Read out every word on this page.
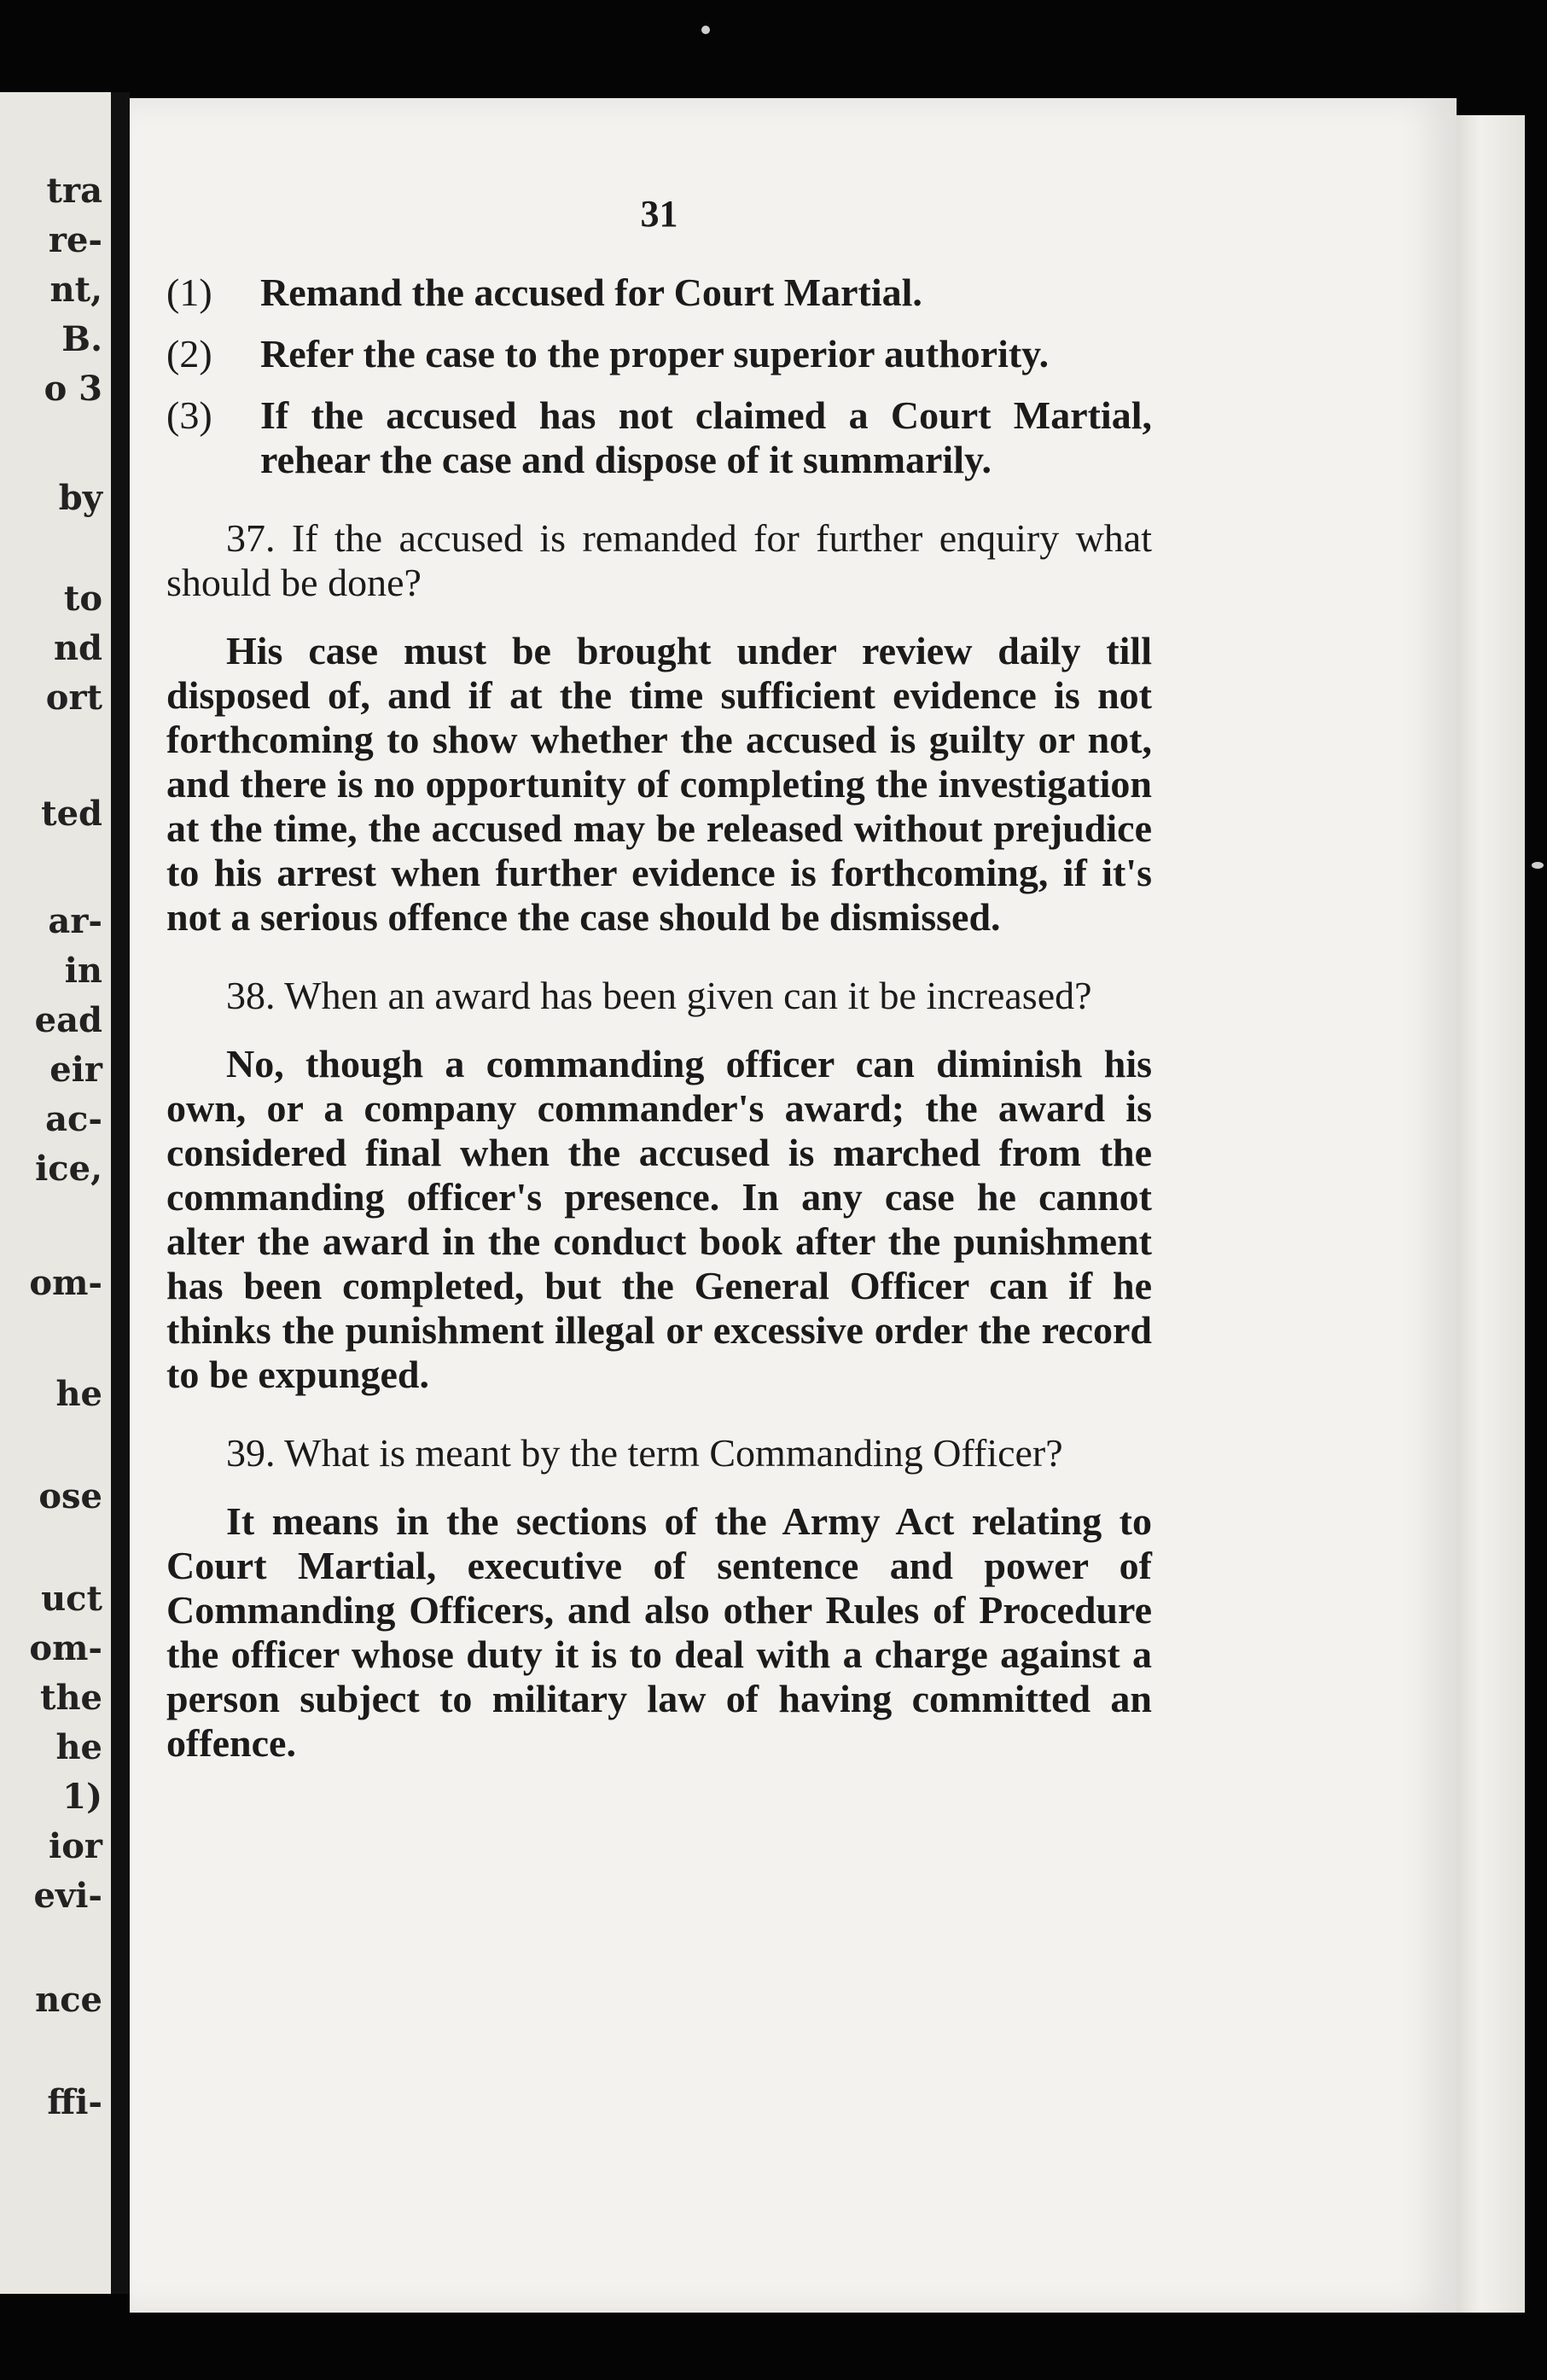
tra
re-
nt,
B.
o 3
by
to
nd
ort
ted
ar-
in
ead
eir
ac-
ice,
om-
he
ose
uct
om-
the
he
1)
ior
evi-
nce
ffi-
31
(1)	Remand the accused for Court Martial.
(2)	Refer the case to the proper superior authority.
(3)	If the accused has not claimed a Court Martial, rehear the case and dispose of it summarily.

37. If the accused is remanded for further enquiry what should be done?

His case must be brought under review daily till disposed of, and if at the time sufficient evidence is not forthcoming to show whether the accused is guilty or not, and there is no opportunity of completing the investigation at the time, the accused may be released without prejudice to his arrest when further evidence is forthcoming, if it's not a serious offence the case should be dismissed.

38. When an award has been given can it be increased?

No, though a commanding officer can diminish his own, or a company commander's award; the award is considered final when the accused is marched from the commanding officer's presence. In any case he cannot alter the award in the conduct book after the punishment has been completed, but the General Officer can if he thinks the punishment illegal or excessive order the record to be expunged.

39. What is meant by the term Commanding Officer?

It means in the sections of the Army Act relating to Court Martial, executive of sentence and power of Commanding Officers, and also other Rules of Procedure the officer whose duty it is to deal with a charge against a person subject to military law of having committed an offence.
